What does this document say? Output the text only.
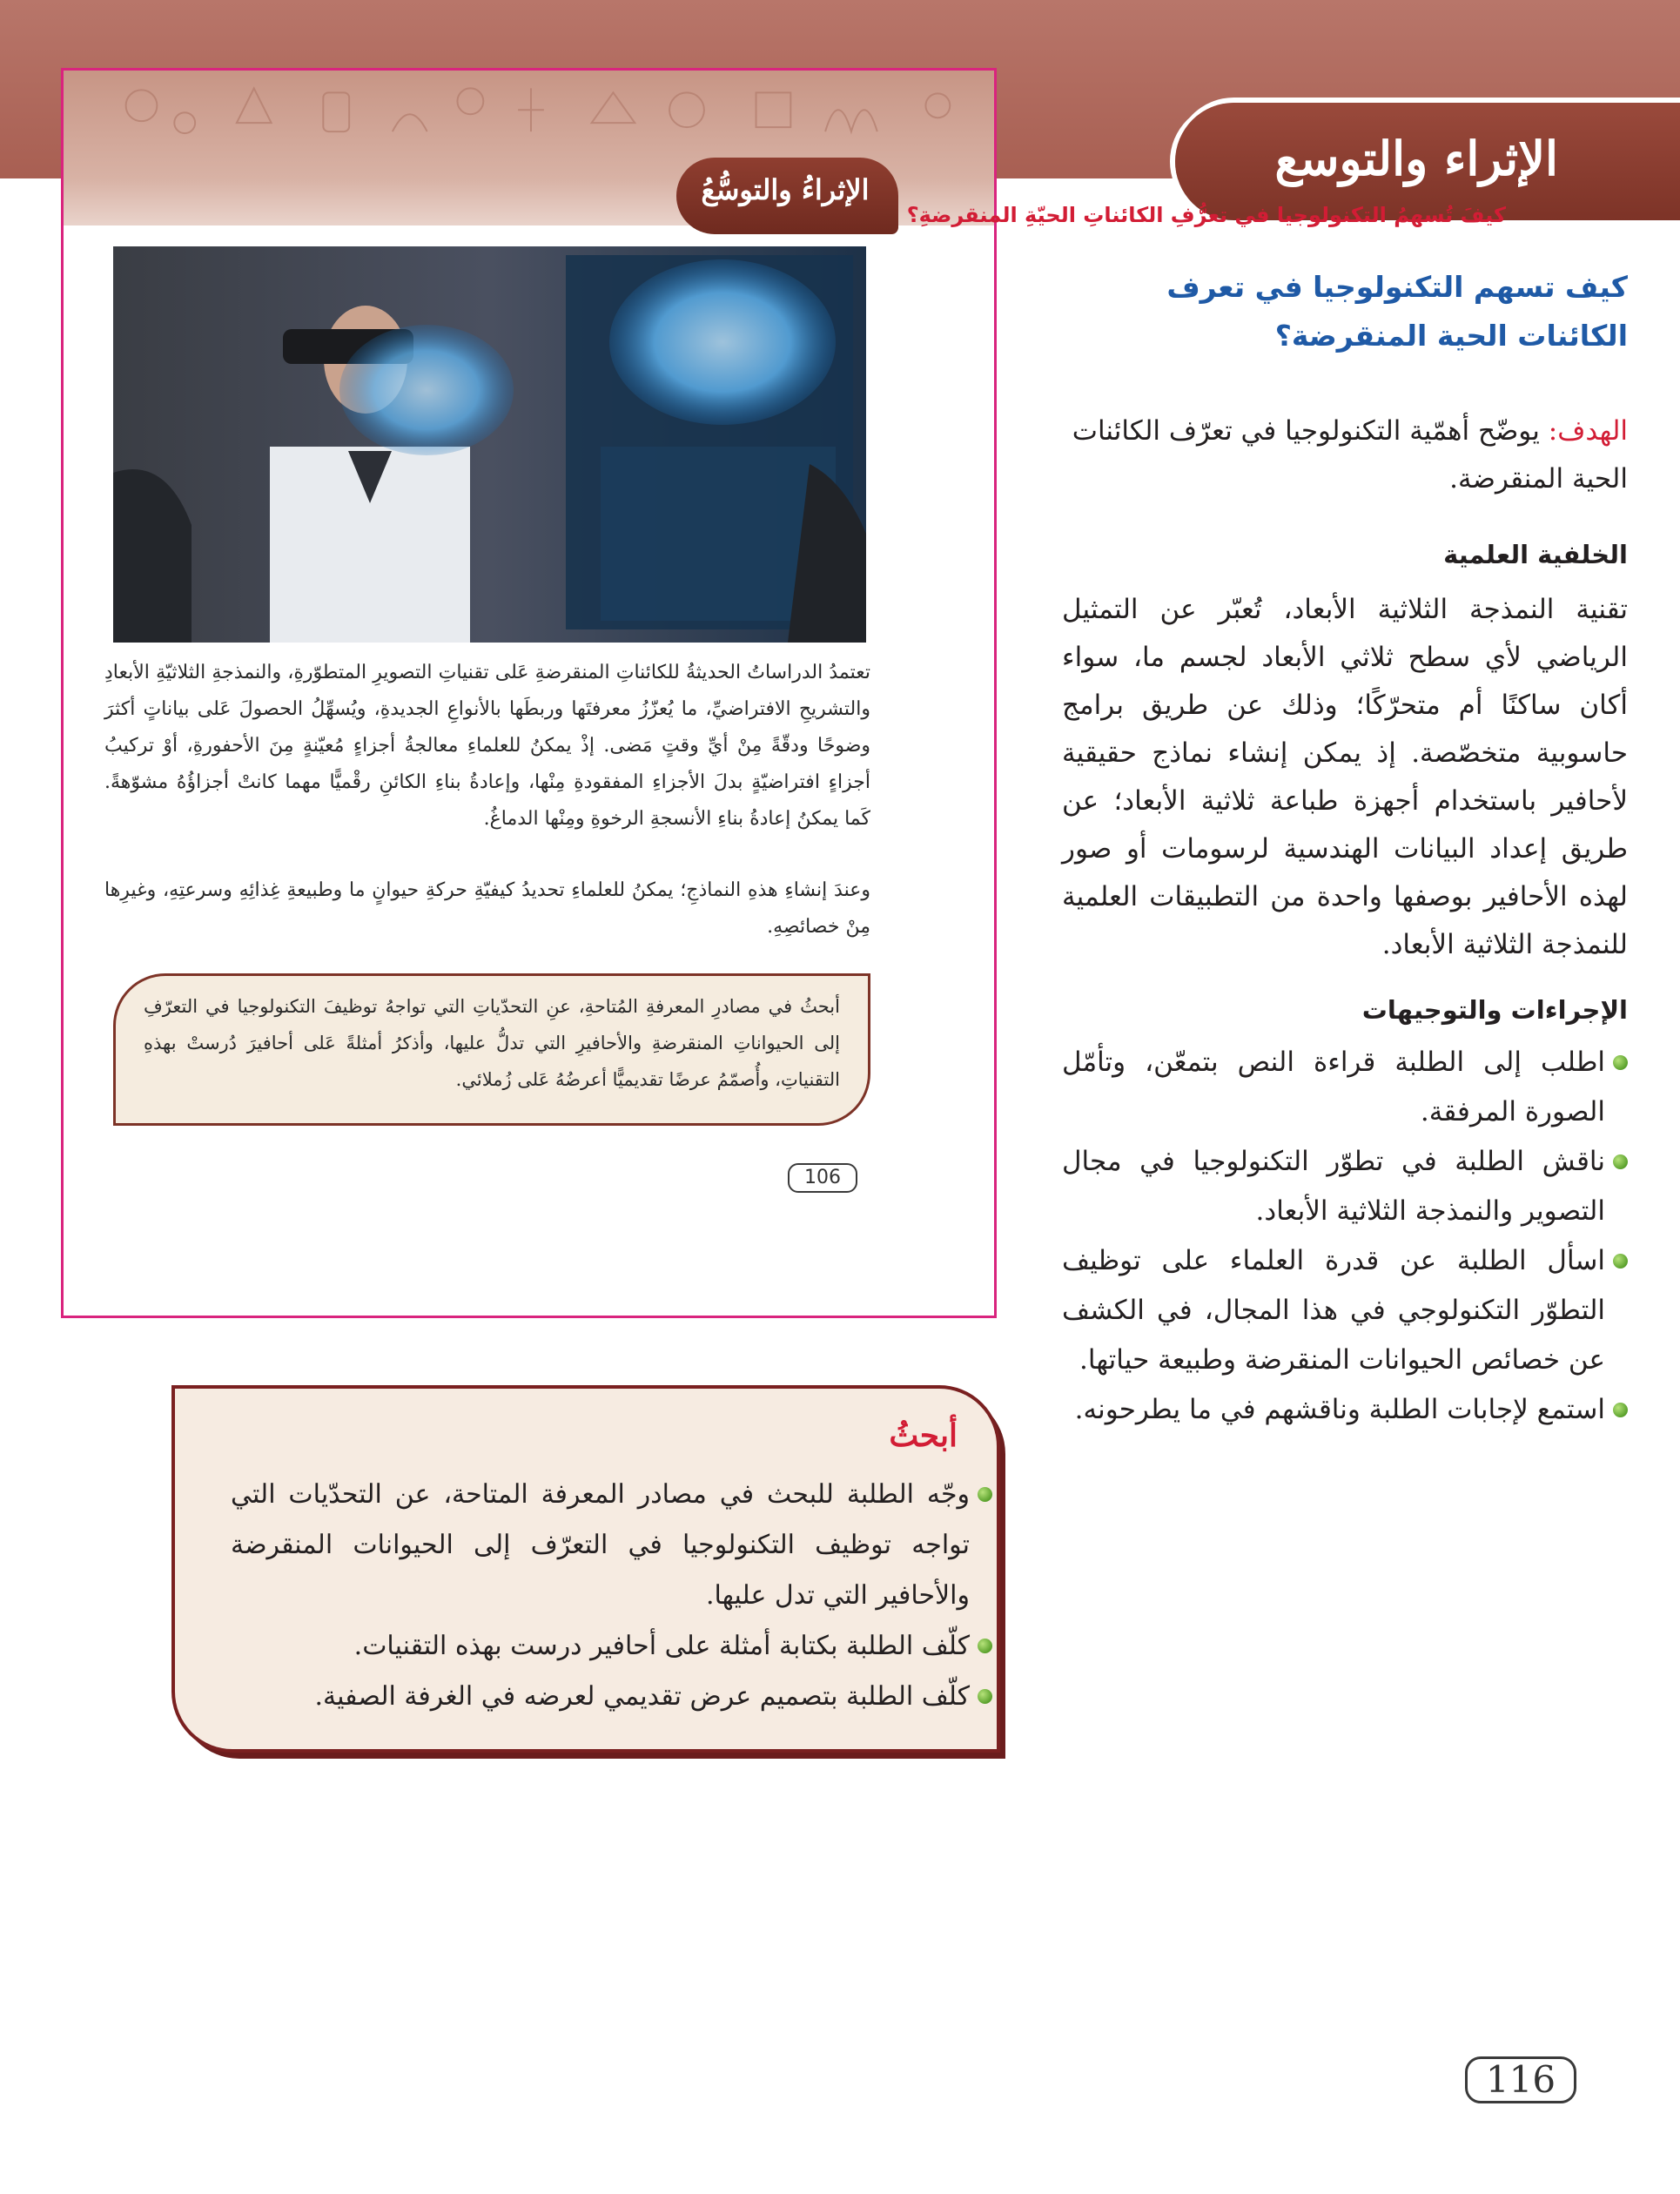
الإثراء والتوسع
الإثراءُ والتوسُّعُ
كيفَ تُسهمُ التكنولوجيا في تعرُّفِ الكائناتِ الحيّةِ المنقرضةِ؟
تعتمدُ الدراساتُ الحديثةُ للكائناتِ المنقرضةِ عَلى تقنياتِ التصويرِ المتطوّرةِ، والنمذجةِ الثلاثيّةِ الأبعادِ والتشريحِ الافتراضيِّ، ما يُعزّزُ معرفتَها وربطَها بالأنواعِ الجديدةِ، ويُسهِّلُ الحصولَ عَلى بياناتٍ أكثرَ وضوحًا ودقّةً مِنْ أيِّ وقتٍ مَضى. إذْ يمكنُ للعلماءِ معالجةُ أجزاءٍ مُعيّنةٍ مِنَ الأحفورةِ، أوْ تركيبُ أجزاءٍ افتراضيّةٍ بدلَ الأجزاءِ المفقودةِ مِنْها، وإعادةُ بناءِ الكائنِ رقْميًّا مهما كانتْ أجزاؤُهُ مشوّهةً. كَما يمكنُ إعادةُ بناءِ الأنسجةِ الرخوةِ ومِنْها الدماغُ.
وعندَ إنشاءِ هذهِ النماذجِ؛ يمكنُ للعلماءِ تحديدُ كيفيّةِ حركةِ حيوانٍ ما وطبيعةِ غِذائِهِ وسرعتِهِ، وغيرِها مِنْ خصائصِهِ.
أبحثُ في مصادرِ المعرفةِ المُتاحةِ، عنِ التحدّياتِ التي تواجهُ توظيفَ التكنولوجيا في التعرّفِ إلى الحيواناتِ المنقرضةِ والأحافيرِ التي تدلُّ عليها، وأذكرُ أمثلةً عَلى أحافيرَ دُرستْ بهذهِ التقنياتِ، وأُصمّمُ عرضًا تقديميًّا أعرضُهُ عَلى زُملائي.
106
كيف تسهم التكنولوجيا في تعرف الكائنات الحية المنقرضة؟
الهدف: يوضّح أهمّية التكنولوجيا في تعرّف الكائنات الحية المنقرضة.
الخلفية العلمية
تقنية النمذجة الثلاثية الأبعاد، تُعبّر عن التمثيل الرياضي لأي سطح ثلاثي الأبعاد لجسم ما، سواء أكان ساكنًا أم متحرّكًا؛ وذلك عن طريق برامج حاسوبية متخصّصة. إذ يمكن إنشاء نماذج حقيقية لأحافير باستخدام أجهزة طباعة ثلاثية الأبعاد؛ عن طريق إعداد البيانات الهندسية لرسومات أو صور لهذه الأحافير بوصفها واحدة من التطبيقات العلمية للنمذجة الثلاثية الأبعاد.
الإجراءات والتوجيهات
اطلب إلى الطلبة قراءة النص بتمعّن، وتأمّل الصورة المرفقة.
ناقش الطلبة في تطوّر التكنولوجيا في مجال التصوير والنمذجة الثلاثية الأبعاد.
اسأل الطلبة عن قدرة العلماء على توظيف التطوّر التكنولوجي في هذا المجال، في الكشف عن خصائص الحيوانات المنقرضة وطبيعة حياتها.
استمع لإجابات الطلبة وناقشهم في ما يطرحونه.
أبحثُ
وجّه الطلبة للبحث في مصادر المعرفة المتاحة، عن التحدّيات التي تواجه توظيف التكنولوجيا في التعرّف إلى الحيوانات المنقرضة والأحافير التي تدل عليها.
كلّف الطلبة بكتابة أمثلة على أحافير درست بهذه التقنيات.
كلّف الطلبة بتصميم عرض تقديمي لعرضه في الغرفة الصفية.
116
